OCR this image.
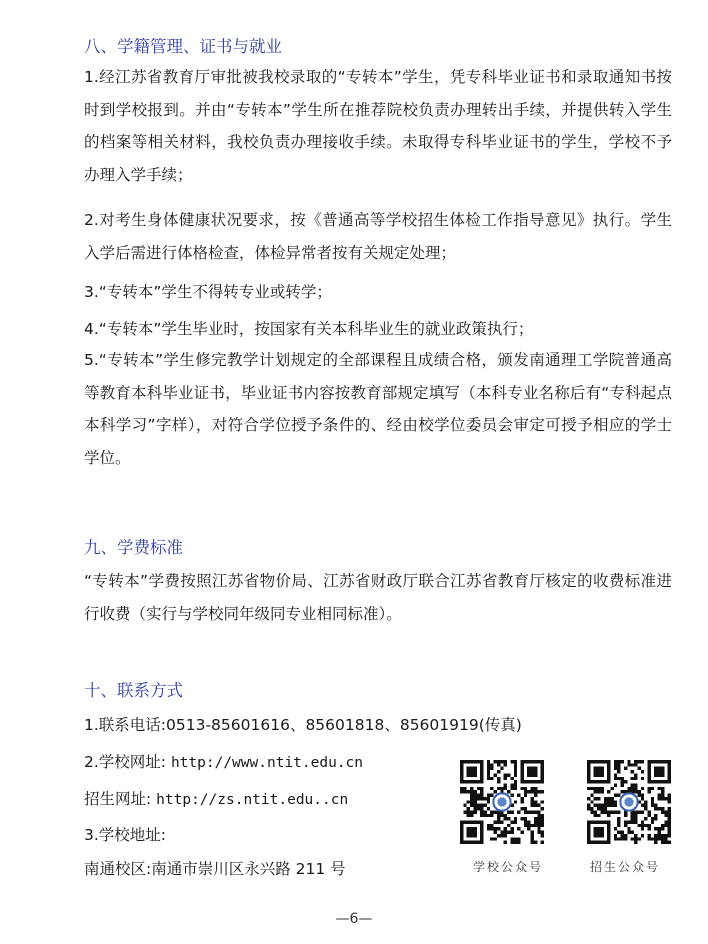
八、学籍管理、证书与就业
1.经江苏省教育厅审批被我校录取的“专转本”学生，凭专科毕业证书和录取通知书按时到学校报到。并由“专转本”学生所在推荐院校负责办理转出手续，并提供转入学生的档案等相关材料，我校负责办理接收手续。未取得专科毕业证书的学生，学校不予办理入学手续；
2.对考生身体健康状况要求，按《普通高等学校招生体检工作指导意见》执行。学生入学后需进行体格检查，体检异常者按有关规定处理；
3.“专转本”学生不得转专业或转学；
4.“专转本”学生毕业时，按国家有关本科毕业生的就业政策执行；
5.“专转本”学生修完教学计划规定的全部课程且成绩合格，颁发南通理工学院普通高等教育本科毕业证书，毕业证书内容按教育部规定填写（本科专业名称后有“专科起点本科学习”字样），对符合学位授予条件的、经由校学位委员会审定可授予相应的学士学位。
九、学费标准
“专转本”学费按照江苏省物价局、江苏省财政厅联合江苏省教育厅核定的收费标准进行收费（实行与学校同年级同专业相同标准）。
十、联系方式
1.联系电话:0513-85601616、85601818、85601919(传真)
2.学校网址: http://www.ntit.edu.cn
招生网址: http://zs.ntit.edu..cn
3.学校地址:
南通校区:南通市崇川区永兴路 211 号	学校公众号	招生公众号
—6—
